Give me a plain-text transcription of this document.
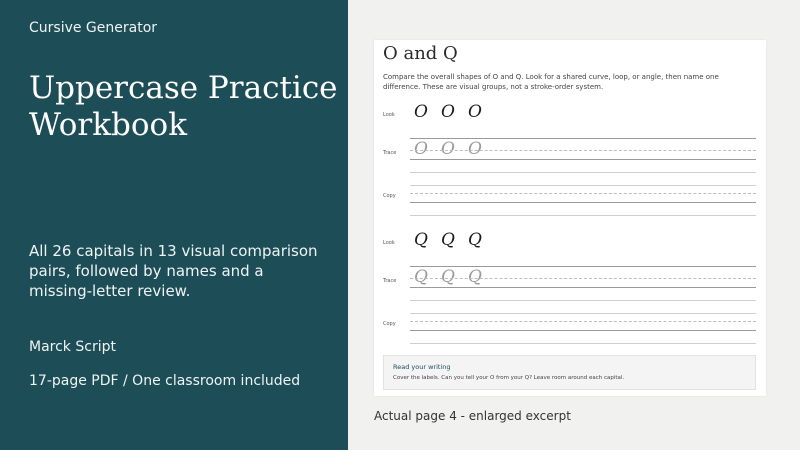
Cursive Generator
Uppercase Practice Workbook

All 26 capitals in 13 visual comparison pairs, followed by names and a missing-letter review.

Marck Script
17-page PDF / One classroom included
O and Q

Compare the overall shapes of O and Q. Look for a shared curve, loop, or angle, then name one difference. These are visual groups, not a stroke-order system.

Look O O O
Trace O O O
Copy
Look Q Q Q
Trace Q Q Q
Copy
Read your writing
Cover the labels. Can you tell your O from your Q? Leave room around each capital.
Actual page 4 - enlarged excerpt
